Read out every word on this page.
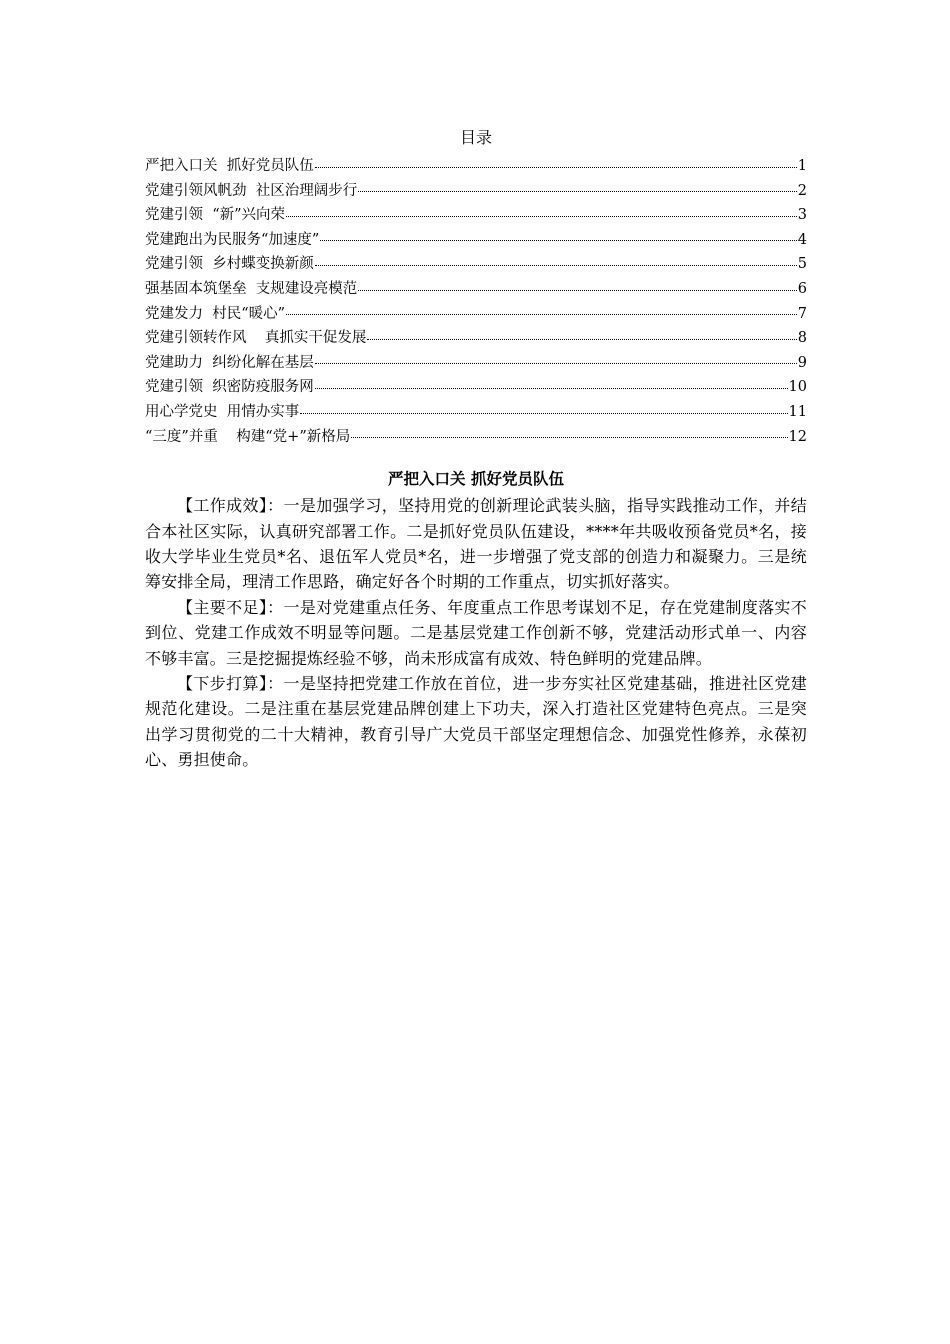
目录
严把入口关  抓好党员队伍	1
党建引领风帆劲  社区治理阔步行	2
党建引领  “新”兴向荣	3
党建跑出为民服务“加速度”	4
党建引领  乡村蝶变换新颜	5
强基固本筑堡垒  支规建设亮模范	6
党建发力  村民“暖心”	7
党建引领转作风    真抓实干促发展	8
党建助力  纠纷化解在基层	9
党建引领  织密防疫服务网	10
用心学党史  用情办实事	11
“三度”并重    构建“党+”新格局	12
严把入口关 抓好党员队伍

【工作成效】：一是加强学习，坚持用党的创新理论武装头脑，指导实践推动工作，并结合本社区实际，认真研究部署工作。二是抓好党员队伍建设，****年共吸收预备党员*名，接收大学毕业生党员*名、退伍军人党员*名，进一步增强了党支部的创造力和凝聚力。三是统筹安排全局，理清工作思路，确定好各个时期的工作重点，切实抓好落实。

【主要不足】：一是对党建重点任务、年度重点工作思考谋划不足，存在党建制度落实不到位、党建工作成效不明显等问题。二是基层党建工作创新不够，党建活动形式单一、内容不够丰富。三是挖掘提炼经验不够，尚未形成富有成效、特色鲜明的党建品牌。

【下步打算】：一是坚持把党建工作放在首位，进一步夯实社区党建基础，推进社区党建规范化建设。二是注重在基层党建品牌创建上下功夫，深入打造社区党建特色亮点。三是突出学习贯彻党的二十大精神，教育引导广大党员干部坚定理想信念、加强党性修养，永葆初心、勇担使命。
